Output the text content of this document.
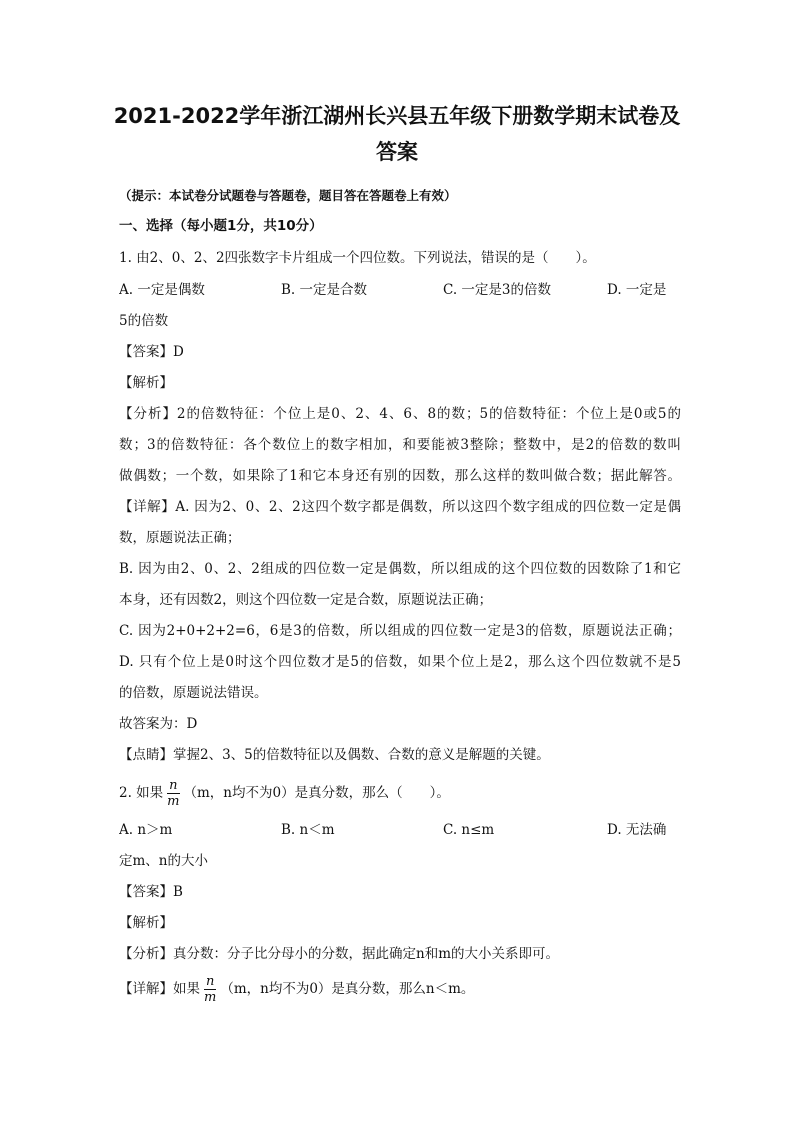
2021-2022学年浙江湖州长兴县五年级下册数学期末试卷及
答案
（提示：本试卷分试题卷与答题卷，题目答在答题卷上有效）
一、选择（每小题1分，共10分）
1. 由2、0、2、2四张数字卡片组成一个四位数。下列说法，错误的是（　　）。
A. 一定是偶数	B. 一定是合数	C. 一定是3的倍数	D. 一定是
5的倍数
【答案】D
【解析】
【分析】2的倍数特征：个位上是0、2、4、6、8的数；5的倍数特征：个位上是0或5的
数；3的倍数特征：各个数位上的数字相加，和要能被3整除；整数中，是2的倍数的数叫
做偶数；一个数，如果除了1和它本身还有别的因数，那么这样的数叫做合数；据此解答。
【详解】A. 因为2、0、2、2这四个数字都是偶数，所以这四个数字组成的四位数一定是偶
数，原题说法正确；
B. 因为由2、0、2、2组成的四位数一定是偶数，所以组成的这个四位数的因数除了1和它
本身，还有因数2，则这个四位数一定是合数，原题说法正确；
C. 因为2+0+2+2=6，6是3的倍数，所以组成的四位数一定是3的倍数，原题说法正确；
D. 只有个位上是0时这个四位数才是5的倍数，如果个位上是2，那么这个四位数就不是5
的倍数，原题说法错误。
故答案为：D
【点睛】掌握2、3、5的倍数特征以及偶数、合数的意义是解题的关键。
2. 如果 $\frac{n}{m} (m$，n均不为0）是真分数，那么（　　）。
A. n＞m	B. n＜m	C. n≤m	D. 无法确
定m、n的大小
【答案】B
【解析】
【分析】真分数：分子比分母小的分数，据此确定n和m的大小关系即可。
【详解】如果 $\frac{n}{m} (m$，n均不为0）是真分数，那么n＜m。
